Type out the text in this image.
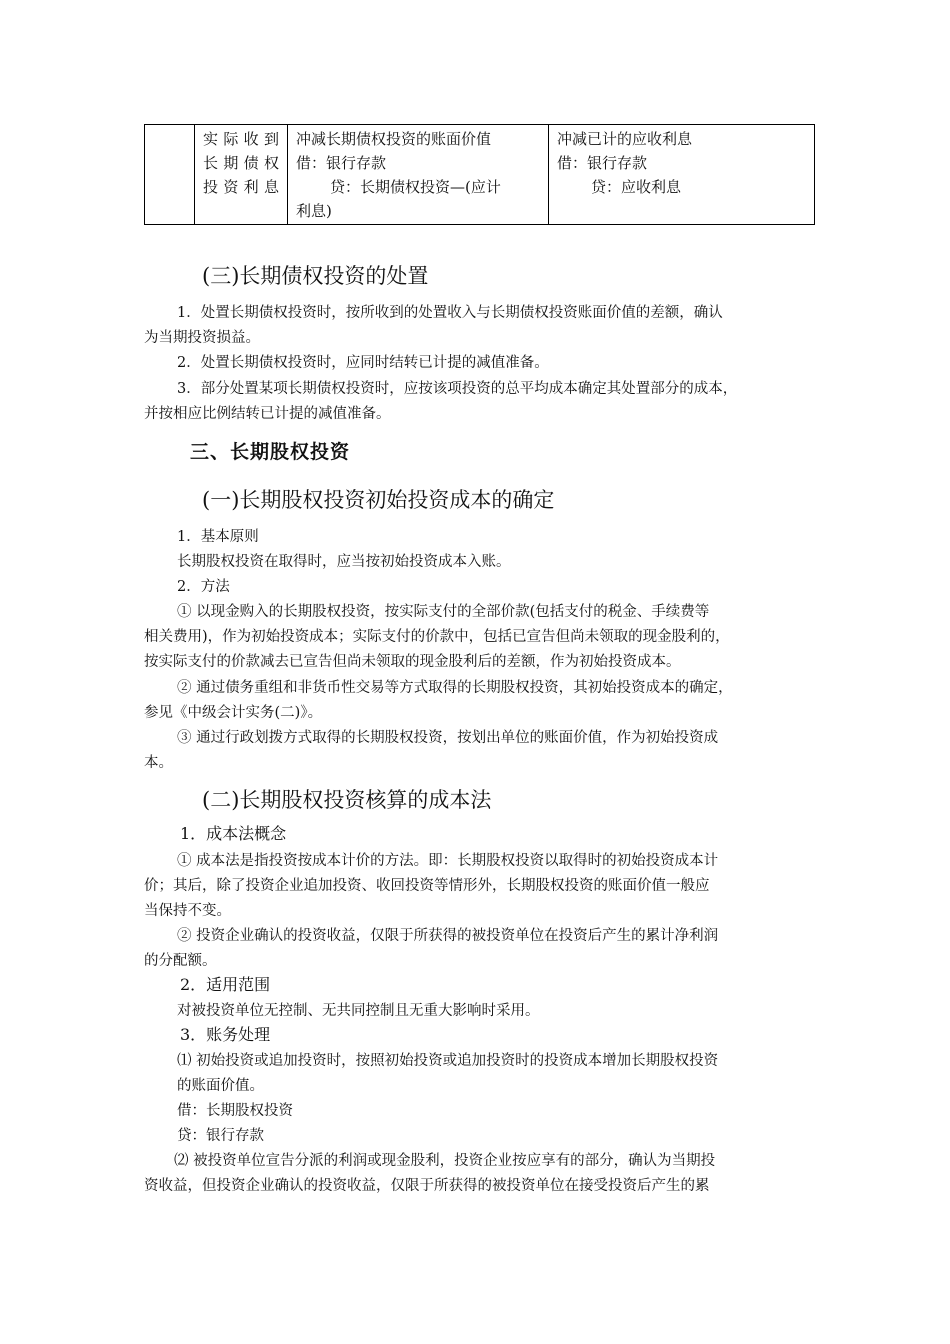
实际收到
长期债权
投资利息

冲减长期债权投资的账面价值
借：银行存款
贷：长期债权投资—(应计
利息)

冲减已计的应收利息
借：银行存款
贷：应收利息
(三)长期债权投资的处置
1．处置长期债权投资时，按所收到的处置收入与长期债权投资账面价值的差额，确认
为当期投资损益。
2．处置长期债权投资时，应同时结转已计提的减值准备。
3．部分处置某项长期债权投资时，应按该项投资的总平均成本确定其处置部分的成本，
并按相应比例结转已计提的减值准备。
三、长期股权投资
(一)长期股权投资初始投资成本的确定
1．基本原则
长期股权投资在取得时，应当按初始投资成本入账。
2．方法
① 以现金购入的长期股权投资，按实际支付的全部价款(包括支付的税金、手续费等
相关费用)，作为初始投资成本；实际支付的价款中，包括已宣告但尚未领取的现金股利的，
按实际支付的价款减去已宣告但尚未领取的现金股利后的差额，作为初始投资成本。
② 通过债务重组和非货币性交易等方式取得的长期股权投资，其初始投资成本的确定，
参见《中级会计实务(二)》。
③ 通过行政划拨方式取得的长期股权投资，按划出单位的账面价值，作为初始投资成
本。
(二)长期股权投资核算的成本法
1．成本法概念
① 成本法是指投资按成本计价的方法。即：长期股权投资以取得时的初始投资成本计
价；其后，除了投资企业追加投资、收回投资等情形外，长期股权投资的账面价值一般应
当保持不变。
② 投资企业确认的投资收益，仅限于所获得的被投资单位在投资后产生的累计净利润
的分配额。
2．适用范围
对被投资单位无控制、无共同控制且无重大影响时采用。
3．账务处理
⑴ 初始投资或追加投资时，按照初始投资或追加投资时的投资成本增加长期股权投资
的账面价值。
借：长期股权投资
贷：银行存款
⑵ 被投资单位宣告分派的利润或现金股利，投资企业按应享有的部分，确认为当期投
资收益，但投资企业确认的投资收益，仅限于所获得的被投资单位在接受投资后产生的累
